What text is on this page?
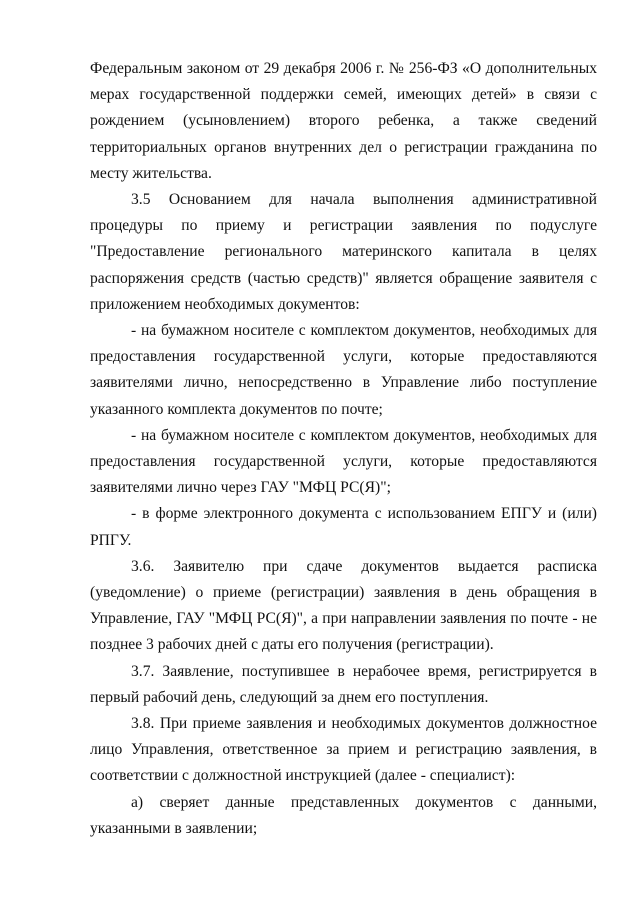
Федеральным законом от 29 декабря 2006 г. № 256-ФЗ «О дополнительных мерах государственной поддержки семей, имеющих детей» в связи с рождением (усыновлением) второго ребенка, а также сведений территориальных органов внутренних дел о регистрации гражданина по месту жительства.

3.5 Основанием для начала выполнения административной процедуры по приему и регистрации заявления по подуслуге "Предоставление регионального материнского капитала в целях распоряжения средств (частью средств)" является обращение заявителя с приложением необходимых документов:

- на бумажном носителе с комплектом документов, необходимых для предоставления государственной услуги, которые предоставляются заявителями лично, непосредственно в Управление либо поступление указанного комплекта документов по почте;

- на бумажном носителе с комплектом документов, необходимых для предоставления государственной услуги, которые предоставляются заявителями лично через ГАУ "МФЦ РС(Я)";

- в форме электронного документа с использованием ЕПГУ и (или) РПГУ.

3.6. Заявителю при сдаче документов выдается расписка (уведомление) о приеме (регистрации) заявления в день обращения в Управление, ГАУ "МФЦ РС(Я)", а при направлении заявления по почте - не позднее 3 рабочих дней с даты его получения (регистрации).

3.7. Заявление, поступившее в нерабочее время, регистрируется в первый рабочий день, следующий за днем его поступления.

3.8. При приеме заявления и необходимых документов должностное лицо Управления, ответственное за прием и регистрацию заявления, в соответствии с должностной инструкцией (далее - специалист):

а) сверяет данные представленных документов с данными, указанными в заявлении;
